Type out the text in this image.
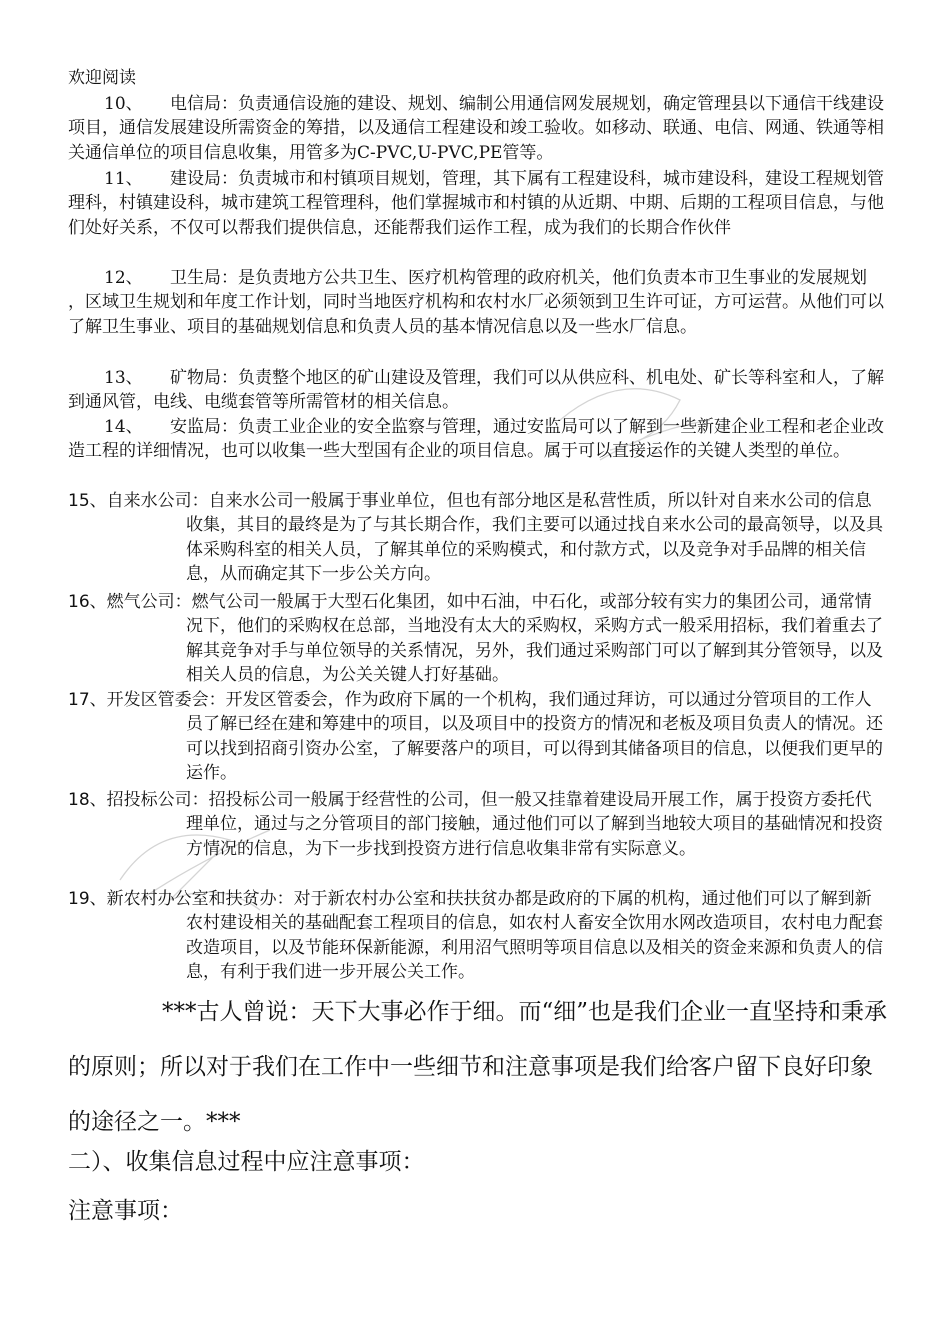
欢迎阅读
10、 电信局：负责通信设施的建设、规划、编制公用通信网发展规划，确定管理县以下通信干线建设项目，通信发展建设所需资金的筹措，以及通信工程建设和竣工验收。如移动、联通、电信、网通、铁通等相关通信单位的项目信息收集，用管多为C-PVC,U-PVC,PE管等。
11、 建设局：负责城市和村镇项目规划，管理，其下属有工程建设科，城市建设科，建设工程规划管理科，村镇建设科，城市建筑工程管理科，他们掌握城市和村镇的从近期、中期、后期的工程项目信息，与他们处好关系，不仅可以帮我们提供信息，还能帮我们运作工程，成为我们的长期合作伙伴
12、 卫生局：是负责地方公共卫生、医疗机构管理的政府机关，他们负责本市卫生事业的发展规划 ，区域卫生规划和年度工作计划，同时当地医疗机构和农村水厂必须领到卫生许可证，方可运营。从他们可以了解卫生事业、项目的基础规划信息和负责人员的基本情况信息以及一些水厂信息。
13、 矿物局：负责整个地区的矿山建设及管理，我们可以从供应科、机电处、矿长等科室和人，了解到通风管，电线、电缆套管等所需管材的相关信息。
14、 安监局：负责工业企业的安全监察与管理，通过安监局可以了解到一些新建企业工程和老企业改造工程的详细情况，也可以收集一些大型国有企业的项目信息。属于可以直接运作的关键人类型的单位。
15、自来水公司：自来水公司一般属于事业单位，但也有部分地区是私营性质，所以针对自来水公司的信息收集，其目的最终是为了与其长期合作，我们主要可以通过找自来水公司的最高领导，以及具体采购科室的相关人员，了解其单位的采购模式，和付款方式，以及竞争对手品牌的相关信息，从而确定其下一步公关方向。
16、燃气公司：燃气公司一般属于大型石化集团，如中石油，中石化，或部分较有实力的集团公司，通常情况下，他们的采购权在总部，当地没有太大的采购权，采购方式一般采用招标，我们着重去了解其竞争对手与单位领导的关系情况，另外，我们通过采购部门可以了解到其分管领导，以及相关人员的信息，为公关关键人打好基础。
17、开发区管委会：开发区管委会，作为政府下属的一个机构，我们通过拜访，可以通过分管项目的工作人员了解已经在建和筹建中的项目，以及项目中的投资方的情况和老板及项目负责人的情况。还可以找到招商引资办公室，了解要落户的项目，可以得到其储备项目的信息，以便我们更早的运作。
18、招投标公司：招投标公司一般属于经营性的公司，但一般又挂靠着建设局开展工作，属于投资方委托代理单位，通过与之分管项目的部门接触，通过他们可以了解到当地较大项目的基础情况和投资方情况的信息，为下一步找到投资方进行信息收集非常有实际意义。
19、新农村办公室和扶贫办：对于新农村办公室和扶扶贫办都是政府的下属的机构，通过他们可以了解到新农村建设相关的基础配套工程项目的信息，如农村人畜安全饮用水网改造项目，农村电力配套改造项目，以及节能环保新能源，利用沼气照明等项目信息以及相关的资金来源和负责人的信息，有利于我们进一步开展公关工作。
***古人曾说：天下大事必作于细。而“细”也是我们企业一直坚持和秉承的原则；所以对于我们在工作中一些细节和注意事项是我们给客户留下良好印象的途径之一。***
二）、收集信息过程中应注意事项：
注意事项：
